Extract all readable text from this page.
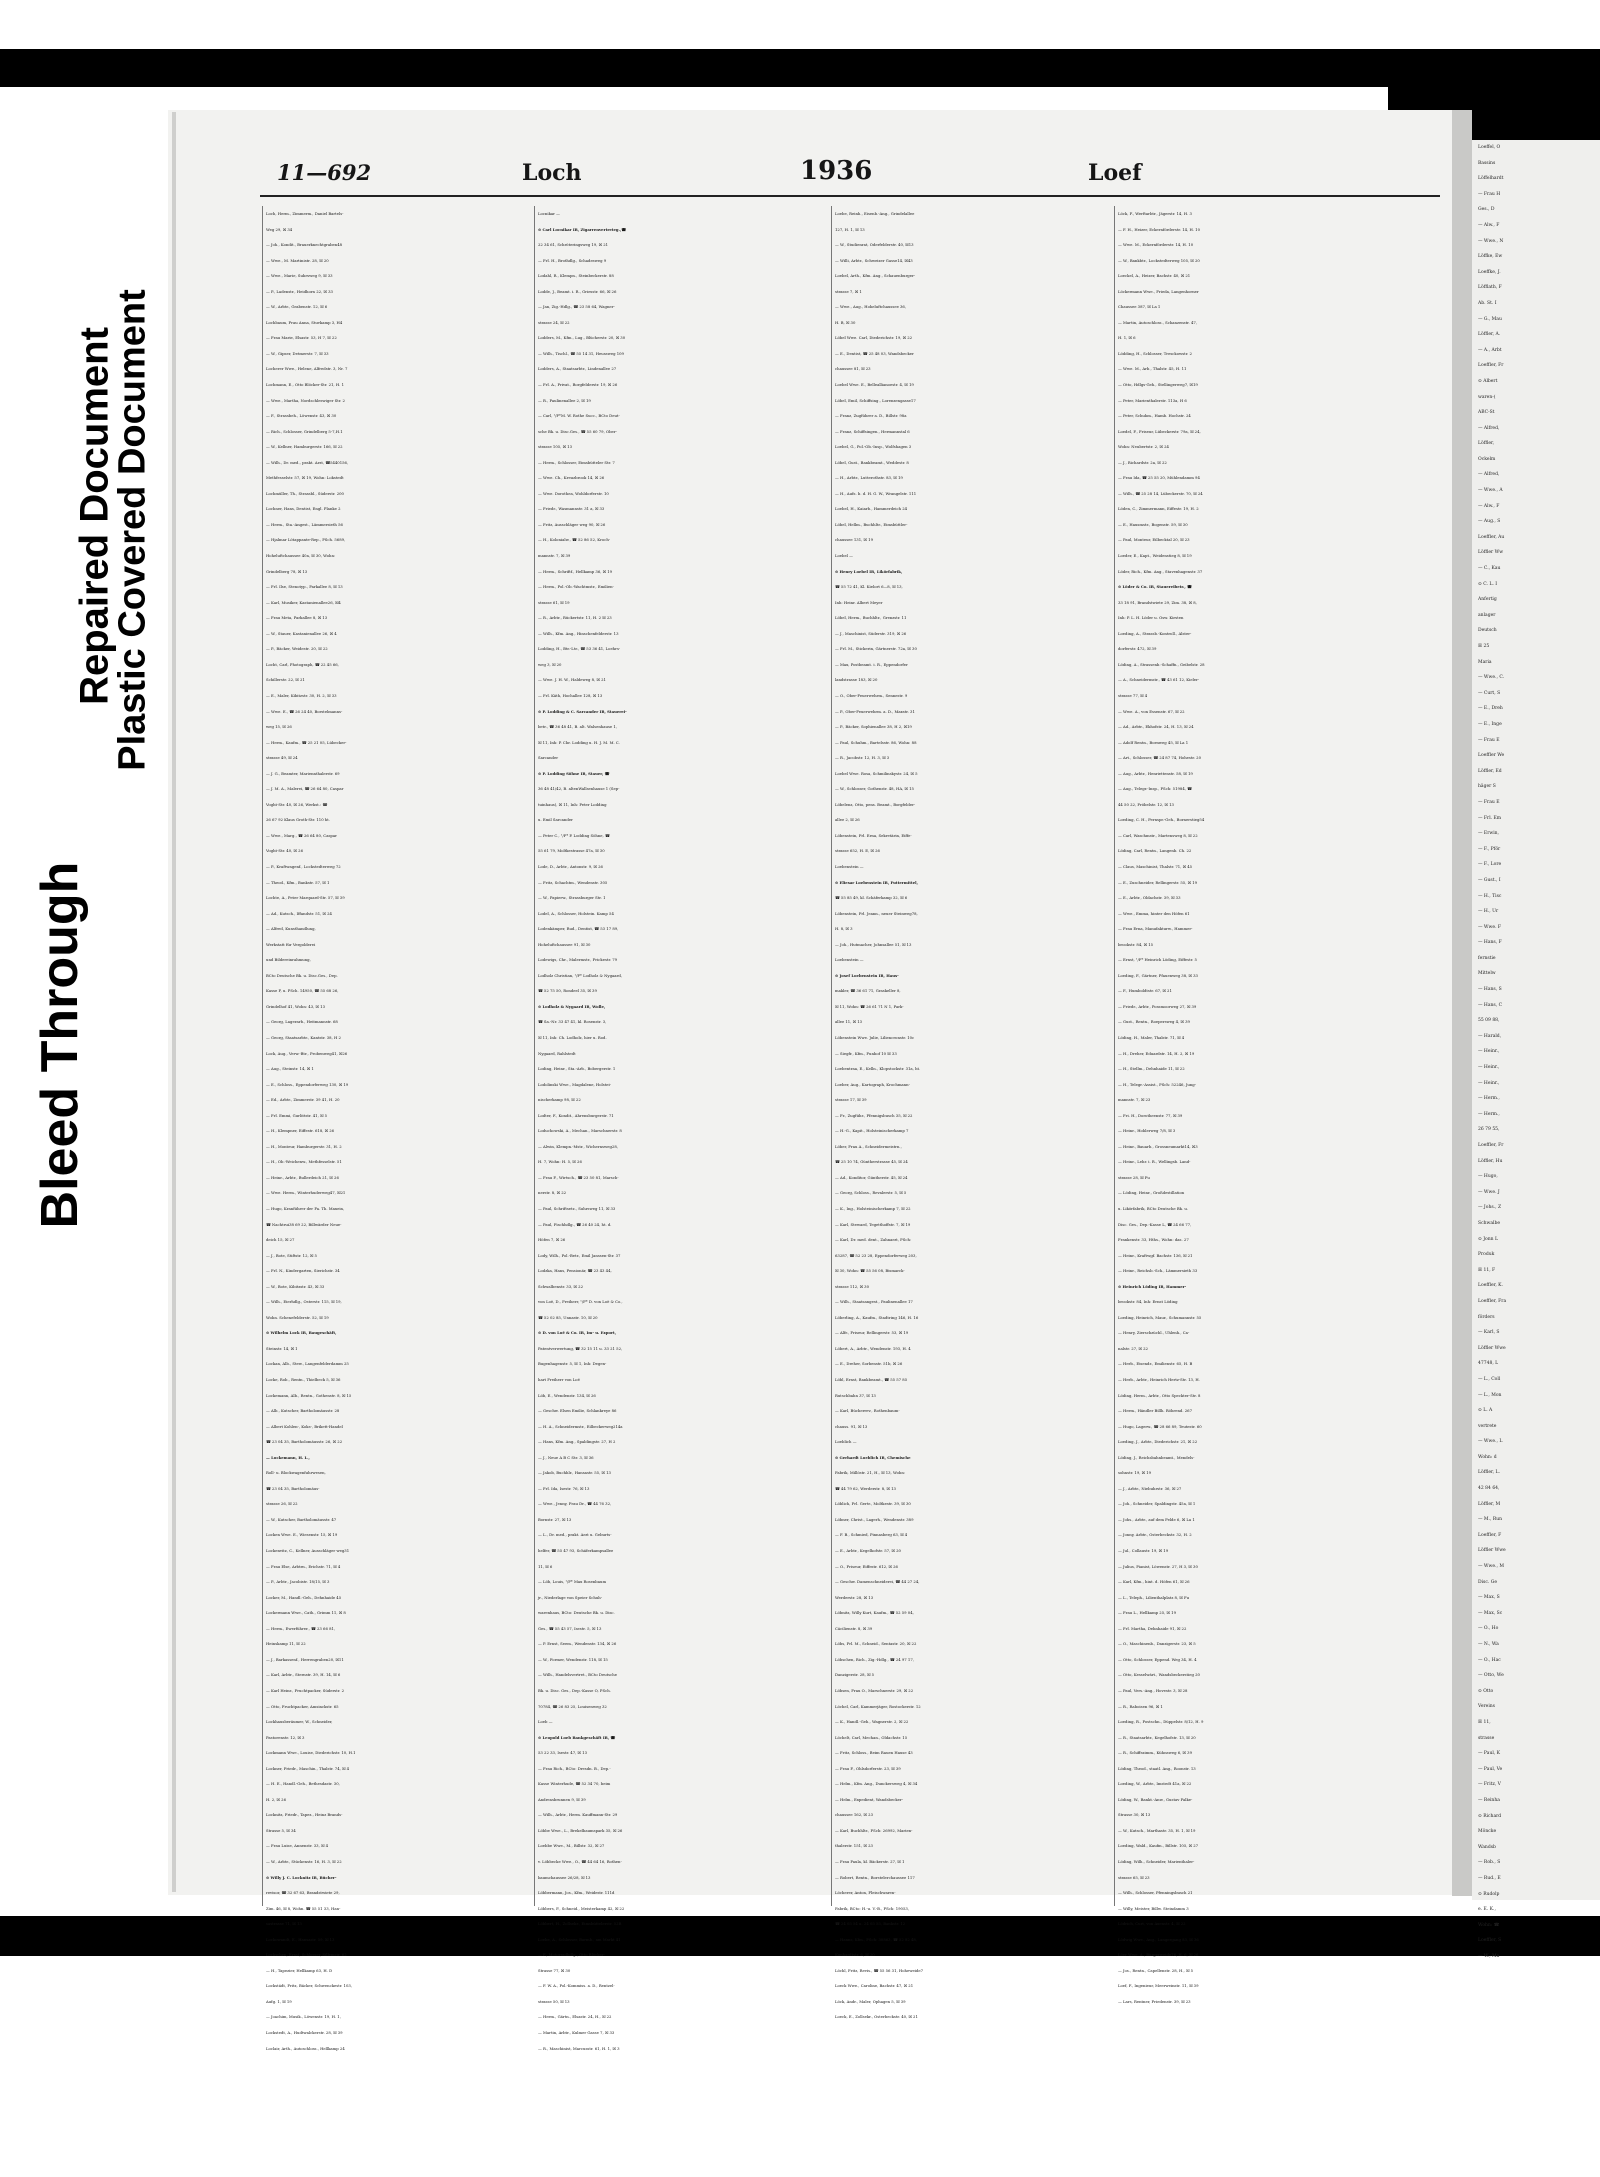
Repaired Document
Plastic Covered Document
Bleed Through
Loeffel, O
Bassins
Löffelhardt
— Frau H
Ges., D
— Alw., F
— Wwe., N
Löffke, Ew
Loeffke, J.
Löfflath, F
Ab. St. I
— G., Mau
Löffler, A.
— A., Arbt
Loeffler, Fr
⊙ Albert
waren-(
ABC-St
— Alfred,
Löffler,
Ockelm
— Alfred,
— Wwe., A
— Alw., F
— Aug., S
Loeffler, Au
Löffler Ww
— C., Kau
⊙ C. L. I
Anfertig
anlager
Deutsch
☒ 25
Maria
— Wwe., C.
— Curt, S
— E., Dreh
— E., Inge
— Frau E
Loeffler We
Löffler, Ed
häger S
— Frau E
— Frl. Em
— Erwin,
— F., Pför
— F., Lore
— Gust., I
— H., Tisc
— H., Ur
— Wwe. F
— Hans, F
fernstie
Mittelw
— Hans, S
— Hans, C
55 09 88,
— Harald,
— Heinr.,
— Heinr.,
— Heinr.,
— Herm.,
— Herm.,
26 79 55,
Loeffler, Fr
Löffler, Hu
— Hugo,
— Wwe. J
— Johs., Z
Schwalbe
⊙ Jonn L
Produk
☒ 11, F
Loeffler, K.
Loeffler, Fra
förders
— Karl, S
Löffler Wwe
47748, L
— L., Coll
— L., Mon
⊙ L. A
vertrete
— Wwe., L
Wohn: d
Löffler, L.
42 84 64,
Löffler, M
— M., Run
Loeffler, F
Löffler Wwe
— Wwe., M
Disc. Ge
— Max, S
— Max, Sc
— O., Ho
— N., Wa
— O., Hac
— Otto, We
⊙ Otto
Vereins
☒ 11,
strasse
— Paul, K
— Paul, Ve
— Fritz, V
— Reinha
⊙ Richard
Möncke
Wandsb
— Rob., S
— Rud., E
⊙ Rudolp
e. E. K.,
Wohn: ☎
Loeffler, S
— W., Ma
11—692	Loch	1936	Loef
Loch, Herm., Zimmerm., Daniel Bartels-
Weg 29, ☒ 34
— Joh., Kondit., Brauerknechtgraben48
— Wwe., M. Martinistr. 28, ☒ 20
— Wwe., Marie, Suhrsweg 9, ☒ 33
— P., Ladenstr., Heidhorn 22, ☒ 33
— W., Arbtr., Grabenstr. 12, ☒ 6
Lochbaum, Frau Anna, Stuvkamp 3, H4
— Frau Marie, Elsastr. 53, H 7, ☒ 22
— W., Gipser, Detmerstr. 7, ☒ 33
Locherer Wwe., Helene, Alfredstr. 3, Nr. 7
Lochmann, E., Otto Blöcker-Str. 21, H. 1
— Wwe., Martha, Nordschleswiger Str. 2
— F., Strassbeh., Löwenstr. 43, ☒ 30
— Rich., Schlosser, Grindelberg 5-7,H.1
— W., Kellner, Hamburgerstr. 166, ☒ 22
— Wilh., Dr. med., prakt. Arzt, ☎5440156,
Methfesselstr. 57, ☒ 19, Wohn: Lokstedt
Lochmüller, Th., Strassbl., Süderstr. 200
Lochner, Hans, Dentist, Engl. Planke 2
— Herm., Sta.-Angest., Lämmersieth 56
— Hjalmar Lötappante-Rep., PSch. 5689,
Hoheluftchaussee 40a, ☒ 30, Wohn:
Grindelberg 78, ☒ 13
— Frl. Ilse, Stenotyp., Parkallee 8, ☒ 13
— Karl, Musiker, Kastanienallee26, ☒4
— Frau Meta, Parkallee 8, ☒ 13
— W., Stauer, Kastanienallee 26, ☒ 4
— P., Bäcker, Weidestr. 20, ☒ 22
Locht, Carl, Photograph, ☎ 22 45 66,
Schillerstr. 22, ☒ 21
— E., Maler, Kibitzstr. 30, H. 2, ☒ 33
— Wwe. E., ☎ 26 24 40, Borstelmanns-
weg 15, ☒ 26
— Herm., Kaufm., ☎ 25 21 05, Lübecker-
strasse 49, ☒ 24
— J. G., Beamter, Mariennthalerstr. 69
— J. M. A., Malerei, ☎ 26 64 80, Caspar
Voght-Str. 40, ☒ 26, Werkst.: ☎
26 67 92 Klaus Groth-Str. 110 ht.
— Wwe., Marg., ☎ 26 64 80, Caspar
Voght-Str. 40, ☒ 26
— P., Kraftwagenf., Lockstedterweg 72
— Theod., Kfm., Bankstr. 57, ☒ 1
Lochte, A., Peter Marquard-Str. 57, ☒ 39
— Ad., Kutsch., Iffandstr. 51, ☒ 24
— Alfred, Kunsthandlung,
Werkstatt für Vergolderei
und Bildereinrahmung,
BCto Deutsche Bk. u. Disc.Ges., Dep.
Kasse F, u. PSch. 14950, ☎ 55 68 26,
Grindelhof 41, Wohn: 43, ☒ 13
— Georg, Lagerarb., Heitmannstr. 68
— Georg, Staatsarbtr., Kantstr. 38, H 2
Lock, Aug., Verw.-Btr., Probenweg41, ☒26
— Aug., Steinstr. 14, ☒ 1
— E., Schloss., Eppendorferweg 130, ☒ 19
— Ed., Arbtr., Zimmerstr. 39 41, H. 20
— Frl. Emmi, Gurlittstr. 41, ☒ 5
— H., Klempner, Eiffestr. 618, ☒ 26
— H., Monteur, Hamburgerstr. 31, H. 2
— H., Ob.-Weichenw., Methfesselstr. 51
— Heinr., Arbtr., Bullerdeich 21, ☒ 26
— Wwe. Herm., Winterhuderweg47, ☒21
— Hugo, Kranführer der Fa. Th. Maxein,
☎ Nachtrui38 69 22, Billwärder Neue-
deich 15, ☒ 27
— J., Bote, Stiftstr. 12, ☒ 5
— Frl. N., Kindergarten, Sierichstr. 34
— W., Bote, Kibitzstr. 43, ☒ 33
— Wilh., Eierhdlg., Osterstr. 115, ☒ 19,
Wohn. Schenefelderstr. 52, ☒ 19
⊙ Wilhelm Lock IR, Baugeschäft,
Steinstr. 14, ☒ 1
Lockan, Alb., Stew., Langenfelderdamm 25
Locke, Rob., Rentn., Thielbeck 5, ☒ 36
Lockemann, Alb., Rentn., Gothenstr. 8, ☒ 15
— Alb., Kutscher, Bartholomäusstr. 28
— Albert Kohlen-, Koks-, Brikett-Handel
☎ 23 04 35, Bartholomäusstr. 26, ☒ 22
— Lockemann, H. L.,
Roll- u. Blockwagenfuhrwesen,
☎ 23 04 35, Bartholomäus-
strasse 26, ☒ 22
— W., Kutscher, Bartholomäusstr. 47
Locken Wwe. E., Wiesenstr. 15, ☒ 19
Lockenvitz, C., Kellner, Ausschläger weg31
— Frau Else, Arbtrn., Erichstr. 71, ☒ 4
— P., Arbtr., Jacobistr. 18/15, ☒ 3
Locker, M., Handl.-Geh., Dehnhaide 45
Lockermann Wwe., Cath., Grimm 11, ☒ 8
— Herm., Ewerführer., ☎ 23 66 81,
Heinskamp 11, ☒ 22
— J., Barkassenf., Herrengraben20, ☒11
— Karl, Arbtr., Sternstr. 39, H. 14, ☒ 6
— Karl Heinr., Fruchtpacker, Süderstr. 2
— Otto, Fruchtpacker, Amsinckstr. 65
Lockhausberäumer, W., Schneider,
Pastorenstr. 12, ☒ 3
Lockmann Wwe., Louise, Diederichstr. 10, H.1
Lockner, Friedr., Maschin., Thalstr. 74, ☒ 4
— H. E., Handl.-Geh., Bethesdastr. 30,
H. 2, ☒ 26
Locknitz, Friedr., Tapez., Heinz Brands-
Strasse 5, ☒ 34
— Frau Luise, Annenstr. 33, ☒ 4
— W., Arbtr., Stückenstr. 16, H. 3, ☒ 22
⊙ Willy J. C. Locknitz IR, Bücher-
revisor, ☎ 32 67 63, Brandstwiete 29,
Zim. 46, ☒ 8, Wohn. ☎ 55 51 33, Han-
sastrasse 71, ☒ 13
Lockowandt, E., Hansastr. 59, ☒ 13
Lockschen, Ernst, Schlosser, Sillemstr. 62
— H., Tapezier, Hellkamp 63, H. D
Lockstädt, Fritz, Bäcker, Schwenckestr. 103,
Aufg. 1, ☒ 19
— Joachim, Musik., Löwenstr. 19, H. 1,
Lockstedt, A., Hudtwalckerstr. 28, ☒ 39
Loclair, Arth., Autoschloss., Hellkamp 24
Locnikar —
⊙ Carl Locnikar IR, Zigarrenvertreteg.,☎
22 34 61, Schröteringsweg 19, ☒ 21
— Frl. H., Brothdlg., Schadesweg 9
Lodahl, R., Klempn., Steinbeckerstr. 88
Lodde, J., Beamt. i. R., Griesstr. 66, ☒ 26
— Jan, Zig.-Hdlg., ☎ 23 58 64, Wagner-
strasse 24, ☒ 22
Lodders, M., Kfm., Lug., Blücherstr. 20, ☒ 30
— Wilh., Tischl., ☎ 55 14 31, Heussweg 109
Lodders, A., Staatsarbtr., Lindenallee 27
— Frl. A., Privat., Borgfelderstr. 19, ☒ 26
— R., Paulinenallee 2, ☒ 19
— Carl, ¹/F*M. W. Rothe Succ., BCto Deut-
sche Bk. u. Disc.Ges., ☎ 55 60 79, Ober-
strasse 105, ☒ 13
— Herm., Schlosser, Eimsbütteler Str. 7
— Wwe. Ch., Kreuzbrook 14, ☒ 26
— Wwe. Dorothea, Wohldorferstr. 10
— Friedr., Wasmannstr. 31 a, ☒ 33
— Fritz, Ausschläger weg 90, ☒ 26
— H., Kolonialw., ☎ 52 86 52, Kroch-
mannstr. 7, ☒ 39
— Herm., Schriftf., Hellkamp 36, ☒ 19
— Herm., Pol.-Ob.-Wachtmstr., Emilien-
strasse 61, ☒ 19
— R., Arbtr., Rückertstr. 11, H. 2 ☒ 23
— Wilh., Kfm. Ang., Hinschenfelderstr. 13
Lodding, H., Btr.-Ltr., ☎ 53 36 41, Loehrs-
weg 3, ☒ 20
— Wwe. J. H. W., Haldeweg 8, ☒ 21
— Frl. Käth, Hochallee 128, ☒ 13
⊙ P. Lodding & C. Sarcander IR, Stauerei-
betr., ☎ 36 48 41, B. alt. Walsenhause 1,
☒ 11, Inh: P. Chr. Lodding u. H. J. M. M. C.
Sarcander
⊙ P. Lodding Söhne IR, Stauer, ☎
36 48 41/42, B. altenWallsenhause 1 (Sep-
tuinhaus), ☒ 11, Inh: Peter Lodding
u. Emil Sarcander
— Peter C., ¹/F* P. Lodding Söhne, ☎
55 61 79, Moltkestrasse 47a, ☒ 30
Lode, D., Arbtr., Antonstr. 9, ☒ 26
— Fritz, Schachtm., Wendenstr. 305
— W., Papierw., Strassburger Str. 1
Lodel, A., Schlosser, Holstein. Kamp 54
Lodenkämper, Rud., Dentist, ☎ 53 17 89,
Hoheluftchaussee 91, ☒ 30
Lodewigs, Chr., Malermstr., Frickestr. 79
Lodholz Christian, ¹/F* Lodholz & Nygaard,
☎ 52 75 50, Rondeel 35, ☒ 39
⊙ Lodholz & Nygaard IR, Wolle,
☎ Sa.-Nr. 33 47 41, kl. Rosenstr. 3,
☒ 11, Inh: Ch. Lodholz, hier u. Rod.
Nygaard, Rahlstedt
Loding, Heinr., Sta.-Arb., Bobergerstr. 1
Lodolinski Wwe., Magdalene, Holstei-
nischerkamp 98, ☒ 22
Lodter, F., Kondit., Ahrensburgerstr. 71
Loduchowski, A., Mechan., Marschnerstr. 8
— Alwin, Klempn.-Mstr., Wichernsweg28,
H. 7, Wohn: H. 5, ☒ 26
— Frau F., Wirtsch., ☎ 23 50 81, Marsch-
nerstr. 8, ☒ 22
— Paul, Schriftsetz., Suhrsweg 11, ☒ 33
— Paul, Fischhdlg., ☎ 26 40 24, ht. d.
Höfen 7, ☒ 26
Lody, Wilh., Pol.-Betr., Emil Janssen-Str. 37
Lodzka, Hans, Pensionär, ☎ 23 43 44,
Schwalbenstr. 33, ☒ 22
von Loë, D., Freiherr, ¹/F* D. von Loë & Co.,
☎ 52 02 85, Unnastr. 10, ☒ 20
⊙ D. von Loë & Co. IR, Im- u. Export,
Patentverwertung, ☎ 32 15 11 u. 33 21 52,
Bugenhagenstr. 5, ☒ 1, Inh: Degen-
hart Freiherr von Loë
Löb, E., Wendenstr. 134, ☒ 26
— Geschw. Elsen Emilie, Schlankreye 86
— H. A., Schneidermstr., Eilbeckerweg214a
— Hans, Kfm. Ang., Spaldingstr. 27, H 2
— J., Neue A B C Str. 3, ☒ 36
— Jakob, Buchhlr., Hansastr. 55, ☒ 13
— Frl. Ida, Isestr. 76, ☒ 13
— Wwe., Jenny, Frau Dr., ☎ 44 76 32,
Bornstr. 27, ☒ 13
— L., Dr. med., prakt. Arzt u. Geburts-
helfer, ☎ 55 47 93, Schäferkampsallee
11, ☒ 6
— Löb, Louis, ¹/F* Max Rosenbaum
jr., Niederlage von Speier Schuh-
warenhaus, BCto: Deutsche Bk. u. Disc.
Ges., ☎ 55 43 57, Isestr. 5, ☒ 13
— P. Ernst, Seem., Wendenstr. 134, ☒ 26
— W., Former, Wendenstr. 118, ☒ 15
— Wilh., Handelsvertret., BCto Deutsche
Bk. u. Disc. Ges., Dep.-Kasse O, PSch.
70784, ☎ 26 83 25, Louisenweg 32
Loeb —
⊙ Leopold Loeb Bankgeschäft IR, ☎
53 22 33, Isestr. 47, ☒ 13
— Frau Rich., BCto: Dresdn. B., Dep.-
Kasse Winterhude, ☎ 52 34 70, beim
Andreasbrunnen 9, ☒ 39
— Wilh., Arbtr., Herm. Kauffmann-Str. 29
Löbbe Wwe., L., Brekelbaumspark 35, ☒ 26
Loebbe Wwe., M., Billstr. 32, ☒ 27
v. Löbbecke Wwe., O., ☎ 44 64 16, Rothen-
baumchaussee 26/28, ☒ 13
Löbbermann, Jos., Kfm., Weidestr. 111d
Löbbers, F., Schneid., Meisterkamp 42, ☒ 22
Löbbert, H., Zollsekr., Eimsbüttelerstr. 52B
Loebe, A., Schlosser, Barmb., am Markt 41
— F., Motorradhdlg., Otto Blöcker-
Strasse 77, ☒ 30
— F. W. A., Pol.-Kommiss. a. D., Rentzel-
strasse 50, ☒ 13
— Herm., Gärtn., Elsastr. 24, H., ☒ 22
— Martin, Arbtr., Kulmer Gasse 7, ☒ 33
— R., Maschinist, Marcusstr. 61, H. 1, ☒ 3
Loebe, Reinh., Eisenb.-Ang., Grindelallee
127, H. 1, ☒ 13
— W., Studienrat, Oderfelderstr. 40, ☒13
— Willi, Arbtr., Schweizer Gasse14, ☒43
Loebel, Arth., Kfm. Ang., Schauenburger-
strasse 7, ☒ 1
— Wwe., Aug., Hoheluftchaussee 36,
H. B, ☒ 30
Löbel Wwe. Carl, Diederichstr. 19, ☒ 22
— E., Dentist, ☎ 25 48 03, Wandsbecker
chaussee 81, ☒ 23
Loebel Wwe. E., Belleallianoestr. 4, ☒ 19
Löbel, Emil, Schiffsing., Lorenzengasse17
— Franz, Zugführer a. D., Billstr. 98a
— Franz, Schiffsingen., Hermannstal 6
Loebel, G., Pol.-Ob.-Insp., Wolfshagen 3
Löbel, Gust., Bankbeamt., Weddestr. 8
— H., Arbtr., Lutterothstr. 83, ☒ 19
— H., Aufs. b. d. H. G. W., Wrangelstr. 111
Loebel, H., Kaiarb., Hammerdeich 24
Löbel, Hellm., Buchhltr., Eimsbüttler-
chaussee 131, ☒ 19
Loebel —
⊙ Henry Loebel IR, Likörfabrik,
☎ 55 72 41, Kl. Kielort 6—8, ☒ 13,
Inh: Heinr. Albert Meyer
Löbel, Herm., Buchhltr., Grenzstr. 11
— J., Maschinist, Süderstr. 319, ☒ 26
— Frl. M., Stickerin, Gärtnerstr. 72a, ☒ 30
— Max, Postbeamt. i. R., Eppendorfer
landstrasse 183, ☒ 20
— O., Ober-Feuerwehrm., Sennestr. 9
— P., Ober-Feuerwehrm. a. D., Maxstr. 31
— P., Bäcker, Sophienallee 38, H 2, ☒19
— Paul, Schuhm., Bartelsstr. 86, Wohn: 88
— R., Jacobstr. 12, H. 3, ☒ 3
Loebel Wwe. Rosa, Schmilinskystr. 24, ☒ 5
— W., Schlosser, Gothenstr. 48, HA, ☒ 15
Löbelenz, Otto, pens. Beamt., Borgfelder-
allee 2, ☒ 26
Löbenstein, Frl. Erna, Sekretärin, Eiffe-
strasse 652, H. E, ☒ 26
Loebenstein —
⊙ Eliesar Loebenstein IR, Futtermittel,
☎ 55 85 49, kl. Schäferkamp 32, ☒ 6
Löbenstein, Frl. Jeann., neuer Steinweg78,
H. 8, ☒ 3
— Joh., Hutmacher, Johnsallee 51, ☒ 13
Loebenstein —
⊙ Josef Loebenstein IR, Haus-
makler, ☎ 36 61 71, Graskeller 8,
☒ 11, Wohn: ☎ 26 61 71 N 1, Park-
allee 11, ☒ 13
Löbenstein Wwe. Julie, Liliencronstr. 10c
— Siegfr., Kfm., Funhof 10 ☒ 33
Loebentraa, E., Kelln., Klopstockstr. 31a, ht.
Loeber, Aug., Kartograph, Krochmann-
strasse 17, ☒ 39
— Fr., Zugführ., Pfennigsbusch 35, ☒ 22
— H.-G., Kapit., Holsteinischerkamp 7
Löber, Frau A., Schneidermeistrn.,
☎ 25 10 74, Güntherstrasse 45, ☒ 24
— Ad., Konditor, Güntherstr. 45, ☒ 24
— Georg, Schloss., Revalerstr. 5, ☒ 5
— K., Ing., Holsteinischerkamp 7, ☒ 22
— Karl, Steward, Tegetthoffstr. 7, ☒ 19
— Karl, Dr. med. dent., Zahnarzt, PSch:
63287, ☎ 52 23 28, Eppendorferweg 203,
☒ 30, Wohn: ☎ 55 56 08, Bismarck-
strasse 112, ☒ 30
— Wilh., Staatsangest., Paulinenallee 17
Löberling, A., Kaufm., Stadtring 146, H. 16
— Alfr., Friseur, Rellingerstr. 53, ☒ 19
Löbert, A., Arbtr., Wendenstr. 193, H. 4
— E., Dreher, Sorbenstr. 51b, ☒ 26
Löbl, Ernst, Bankbeamt., ☎ 55 57 85
Rutschbahn 37, ☒ 13
— Karl, Bücherrev., Rothenbaum-
chauss. 91, ☒ 13
Loeblich —
⊙ Gerhardt Loeblich IR, Chemische
Fabrik, Millöstr. 21, H., ☒ 13, Wohn:
☎ 44 79 62, Werderstr. 8, ☒ 13
Löblich, Frl. Gertr., Moltkestr. 39, ☒ 30
Löbner, Christ., Lagerh., Wendenstr. 389
— F. B., Schmied, Pinnasberg 63, ☒ 4
— E., Arbtr., Kegelhofstr. 57, ☒ 20
— O., Friseur, Eiffestr. 612, ☒ 26
— Geschw. Damenschneiderei, ☎ 44 27 24,
Werderstr. 28, ☒ 13
Löbnitz, Willy Kurt, Kaufm., ☎ 52 59 04,
Cäcilienstr. 8, ☒ 39
Löbs, Frl. M., Schneid., Sentastr. 20, ☒ 22
Löbschen, Rich., Zig.-Hdlg., ☎ 24 97 17,
Danzigerstr. 28, ☒ 5
Löbsen, Frau O., Marschnerstr. 29, ☒ 22
Löchel, Carl, Kammerjäger, Rostockerstr. 12
— K., Handl.-Geh., Wagnerstr. 2, ☒ 22
Löchelt, Carl, Mechan., Oldachstr. 15
— Fritz, Schloss., Beim Rauen Hause 43
— Frau F., Ohlsdorferstr. 23, ☒ 39
— Helm., Kfm. Ang., Dunckersweg 4, ☒ 34
— Helm., Expedient, Wandsbecker-
chaussee 162, ☒ 23
— Karl, Buchhltr., PSch: 26992, Marien-
thalerstr. 151, ☒ 23
— Frau Paula, kl. Bäckerstr. 27, ☒ 1
— Robert, Rentn., Borstelerchaussee 117
Löcherer, Anton, Fleischwaren-
Fabrik, BCto: H.-u. V.-B., PSch: 19053,
☎ 24 05 54 u. 24 05 55, Bankstr. 12
— Hanns, Kfm., PSch: 30863, ☎ 52 82 48,
Kunhardtstr. 6, ☒ 20
Löchl, Fritz, Revis., ☎ 55 56 31, Hoheweide7
Loeck Wwe., Caroline, Bachstr. 47, ☒ 21
Löck, Andr., Maler, Ophagen 5, ☒ 39
Loeck, E., Zollsekr., Osterbeckstr. 40, ☒ 21
Löck, F., Werftarbtr., Jägerstr. 14, H. 3
— F. H., Heizer, Eckernförderstr. 14, H. 10
— Wwe. M., Eckernförderstr. 14, H. 10
— W., Bankbtr., Lockstedterweg 105, ☒ 20
Loeckel, A., Heizer, Bachstr. 40, ☒ 21
Löckermann Wwe., Frieda, Langenhorner
Chaussee 387, ☒ La 1
— Martin, Autoschloss., Schanzenstr. 47,
H. 1, ☒ 6
Lödding, H., Schlosser, Tresckowstr. 2
— Wwe. M., Arb., Thalstr. 45, H. 11
— Otto, Hdlgs-Geh., Stellingerweg7, ☒19
— Peter, Marienthalerstr. 113a, H 6
— Peter, Schuhm., Hamb. Hochstr. 24
Loedel, F., Friseur, Lübeckerstr. 79a, ☒ 24,
Wohn: Neubertstr. 2, ☒ 24
— J., Richardstr. 2a, ☒ 22
— Frau Ida, ☎ 25 55 20, Mühlendamm 94
— Wilh., ☎ 25 28 14, Lübeckerstr. 70, ☒ 24
Löden, C., Zimmermann, Eiffestr. 19, H. 2
— E., Hausmstr., Bogenstr. 59, ☒ 30
— Paul, Monteur, Eilbecktal 20, ☒ 23
Loeder, E., Kapt., Weidenstieg 8, ☒ 19
Löder, Rich., Kfm. Ang., Stavenhagenstr. 37
⊙ Löder & Co. IR, Stauereibetr., ☎
33 18 91, Brandstwiete 29, Zim. 38, ☒ 8,
Inh: P. L. H. Löder u. Osw. Kirsten
Loeding, A., Strassb.-Kontroll., Alster-
dorferstr. 472, ☒ 39
Löding, A., Strassenb.-Schaffn., Geibelstr. 28
— A., Schneidermstr., ☎ 43 61 12, Kieler-
strasse 77, ☒ 4
— Wwe. A., von Essenstr. 67, ☒ 22
— Ad., Arbtr., Ekhofstr. 24, H. 13, ☒ 24
— Adolf Rentn., Bornweg 45, ☒ La 1
— Art., Schlosser, ☎ 24 87 74, Hohestr. 20
— Aug., Arbtr., Henriettenstr. 58, ☒ 19
— Aug., Telegr.-Insp., PSch: 51984, ☎
44 50 22, Fröbelstr. 12, ☒ 13
Loeding, C. H., Fernspr.-Geh., Bornerstieg54
— Carl, Waschmstr., Martensweg 8, ☒ 22
Löding, Carl, Rentn., Langenb. Ch. 22
— Claus, Maschinist, Thalstr. 71, ☒ 45
— E., Zuschneider, Rellingerstr. 55, ☒ 19
— E., Arbtr., Oldachstr. 39, ☒ 33
— Wwe., Emma, hinter den Höfen 61
— Frau Erna, Manufakturw., Hammer-
brookstr. 84, ☒ 15
— Ernst, ¹/F* Heinrich Löding, Eiffestr. 5
Loeding, F., Gärtner, Pfauenweg 38, ☒ 33
— F., Humboldtstr. 67, ☒ 21
— Friedr., Arbtr., Possmoorweg 27, ☒ 39
— Gust., Rentn., Roepersweg 4, ☒ 39
Löding, H., Maler, Thalstr. 71, ☒ 4
— H., Dreher, Eduardstr. 14, H. 2, ☒ 19
— H., Stellm., Dehnhaide 11, ☒ 22
— H., Telegr.-Assist., PSch: 52246, Jung-
mannstr. 7, ☒ 23
— Fri. H., Dorotheenstr. 77, ☒ 39
— Heinr., Hohlerweg 7/8, ☒ 3
— Heinr., Bauarb., Grossneumarkt14, ☒3
— Heinr., Lehr. i. R., Wellingsb. Land-
strasse 28, ☒ Fu
— Löding, Heinr., Großdestillation
u. Likörfabrik, BCto Deutsche Bk. u.
Disc. Ges., Dep.-Kasse L, ☎ 24 66 77,
Frankenstr. 33, Hths., Wohn: das. 27
— Heinr., Kraftwgf. Bachstr. 136, ☒ 21
— Heinr., Reichsb.-Sch., Lämmersieth 33
⊙ Heinrich Löding IR, Hammer-
brookstr. 84, Inh: Ernst Löding
Loeding, Heinrich, Maur., Schumannstr. 55
— Henry, Zierschzüchl., Uhlenh., Ca-
nalstr. 27, ☒ 22
— Herb., Eisendr., Emilienstr. 65, H. B
— Herb., Arbtr., Heinrich Hertz-Str. 13, H.
Löding, Herm., Arbtr., Otto Speckter-Str. 8
— Herm., Händler Billh. Röhrend. 267
— Hugo, Lagerw., ☎ 28 66 89, Teutestr. 60
Loeding, J., Arbtr., Diederichstr. 21, ☒ 22
Löding, J., Reichsbahnbeamt., Mendels-
sohnstr. 19, ☒ 19
— J., Arbtr., Niebuhrstr. 36, ☒ 27
— Joh., Schneider, Spaldingstr. 45a, ☒ 1
— Johs., Arbtr., auf dem Felde 6, ☒ La 1
— Jonny, Arbtr., Osterbeckstr. 32, H. 2
— Jul., Collaustr. 19, ☒ 19
— Julius, Pianist, Löwenstr. 27, H 3, ☒ 30
— Karl, Kfm., hint. d. Höfen 61, ☒ 26
— L., Teleph., Lilienthalplatz 8, ☒ Fu
— Frau L., Hellkamp 25, ☒ 19
— Frl. Martha, Dehnhaide 91, ☒ 22
— O., Maschinenb., Danzigerstr. 23, ☒ 5
— Otto, Schlosser, Eppend. Weg 34, H. 4
— Otto, Kesselwärt., Wandsbeckerstieg 20
— Paul, Vers.-Ang., Hovestr. 3, ☒ 28
— R., Raboisen 96, ☒ 1
Loeding, R., Postschn., Düppelstr. 8/12, H. 9
— R., Staatsarbtr., Kegelhofstr. 13, ☒ 20
— R., Schiffszimm., Kühnsweg 6, ☒ 39
Löding, Theod., staatl. Ang., Roonstr. 13
Loeding, W., Arbtr., Imstedt 41a, ☒ 22
Löding, W., Bankt.-Anw., Gustav Falke-
Strasse 30, ☒ 13
— W., Kutsch., Marthastr. 35, H. 1, ☒ 19
Loeding, Wald., Kaufm., Billstr. 105, ☒ 27
Löding, Wilh., Schneider, Marienthaler-
strasse 65, ☒ 23
— Wilh., Schlosser, Pfenningsbusch 21
— Willy, Meister, Billw. Steindamm 3
Lödrich, Curt, von Axenstr. 4, ☒ 22
Lödwig Wwe., Aug., Langergang 83, ☒ 36
Löer Wwe. A., Bürgerweide76, H. 6, ☒ 26
— Jos., Rentn., Capellenstr. 28, H., ☒ 5
Loef, F., Ingenieur, Meerweinstr. 11, ☒ 39
— Lars, Rentner, Friedenstr. 39, ☒ 23
